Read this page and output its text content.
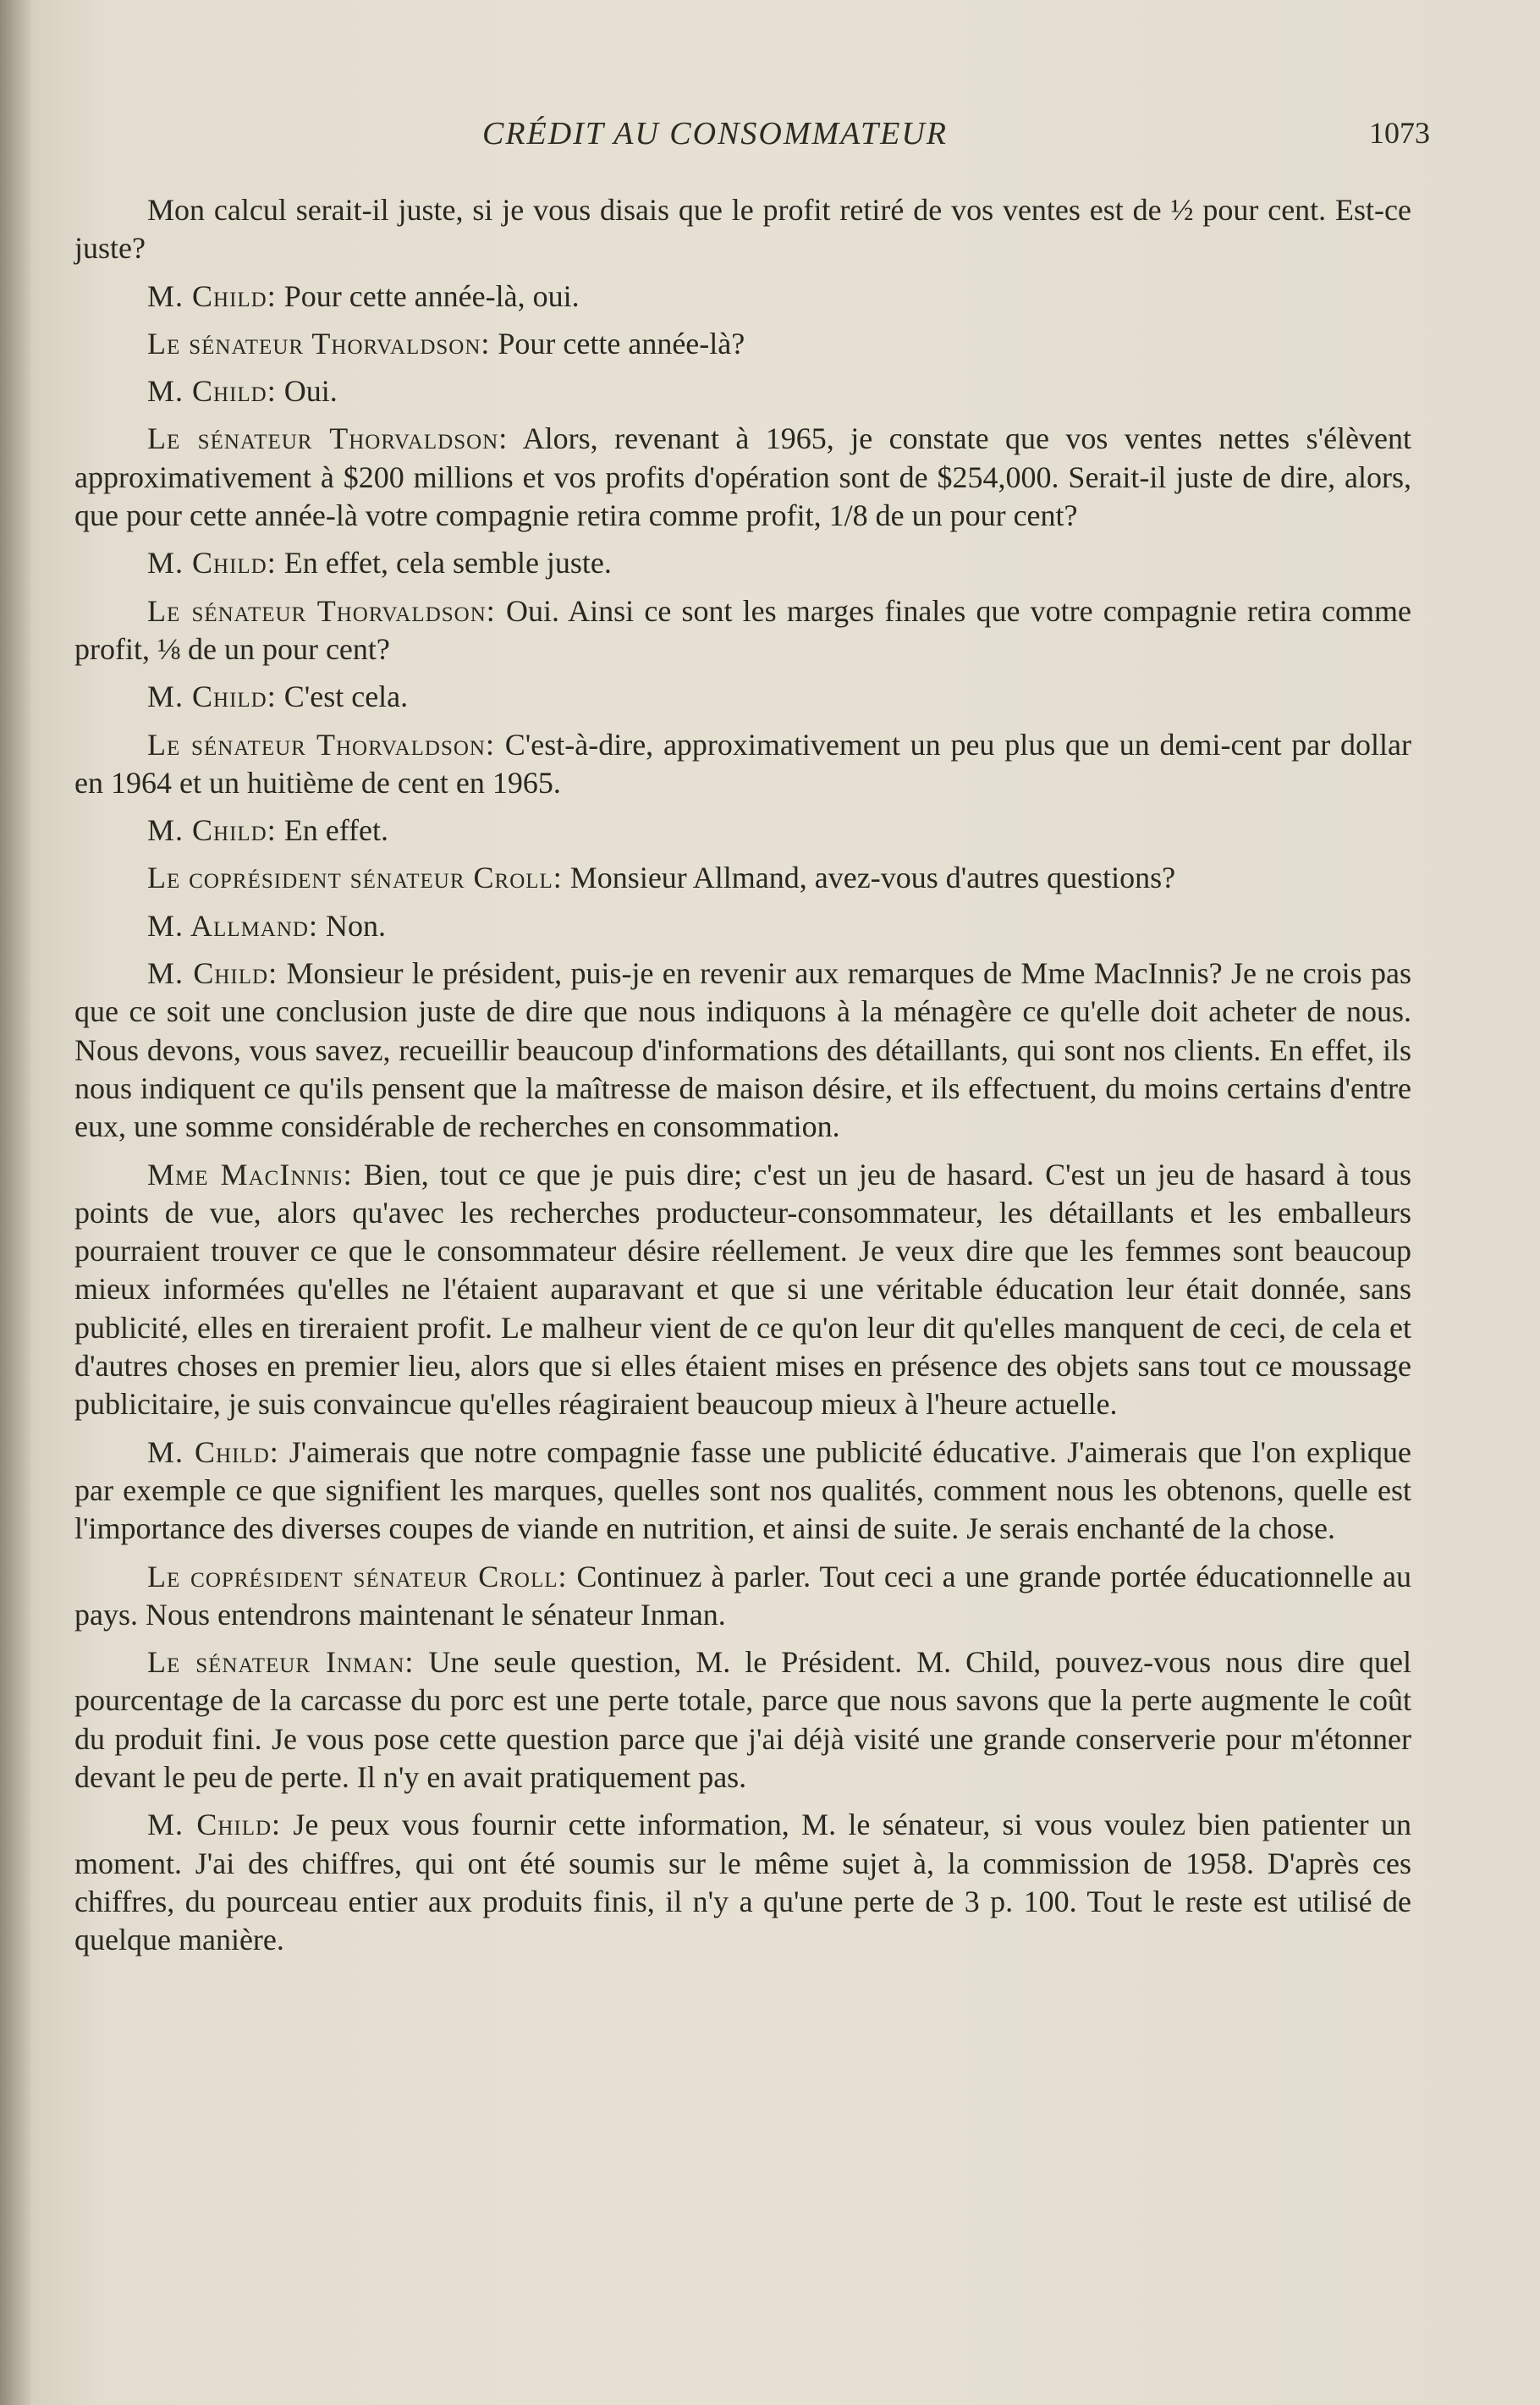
CRÉDIT AU CONSOMMATEUR	1073

Mon calcul serait-il juste, si je vous disais que le profit retiré de vos ventes est de ½ pour cent. Est-ce juste?

M. Child: Pour cette année-là, oui.

Le sénateur Thorvaldson: Pour cette année-là?

M. Child: Oui.

Le sénateur Thorvaldson: Alors, revenant à 1965, je constate que vos ventes nettes s'élèvent approximativement à $200 millions et vos profits d'opération sont de $254,000. Serait-il juste de dire, alors, que pour cette année-là votre compagnie retira comme profit, 1/8 de un pour cent?

M. Child: En effet, cela semble juste.

Le sénateur Thorvaldson: Oui. Ainsi ce sont les marges finales que votre compagnie retira comme profit, ⅛ de un pour cent?

M. Child: C'est cela.

Le sénateur Thorvaldson: C'est-à-dire, approximativement un peu plus que un demi-cent par dollar en 1964 et un huitième de cent en 1965.

M. Child: En effet.

Le coprésident sénateur Croll: Monsieur Allmand, avez-vous d'autres questions?

M. Allmand: Non.

M. Child: Monsieur le président, puis-je en revenir aux remarques de Mme MacInnis? Je ne crois pas que ce soit une conclusion juste de dire que nous indiquons à la ménagère ce qu'elle doit acheter de nous. Nous devons, vous savez, recueillir beaucoup d'informations des détaillants, qui sont nos clients. En effet, ils nous indiquent ce qu'ils pensent que la maîtresse de maison désire, et ils effectuent, du moins certains d'entre eux, une somme considérable de recherches en consommation.

Mme MacInnis: Bien, tout ce que je puis dire; c'est un jeu de hasard. C'est un jeu de hasard à tous points de vue, alors qu'avec les recherches producteur-consommateur, les détaillants et les emballeurs pourraient trouver ce que le consommateur désire réellement. Je veux dire que les femmes sont beaucoup mieux informées qu'elles ne l'étaient auparavant et que si une véritable éducation leur était donnée, sans publicité, elles en tireraient profit. Le malheur vient de ce qu'on leur dit qu'elles manquent de ceci, de cela et d'autres choses en premier lieu, alors que si elles étaient mises en présence des objets sans tout ce moussage publicitaire, je suis convaincue qu'elles réagiraient beaucoup mieux à l'heure actuelle.

M. Child: J'aimerais que notre compagnie fasse une publicité éducative. J'aimerais que l'on explique par exemple ce que signifient les marques, quelles sont nos qualités, comment nous les obtenons, quelle est l'importance des diverses coupes de viande en nutrition, et ainsi de suite. Je serais enchanté de la chose.

Le coprésident sénateur Croll: Continuez à parler. Tout ceci a une grande portée éducationnelle au pays. Nous entendrons maintenant le sénateur Inman.

Le sénateur Inman: Une seule question, M. le Président. M. Child, pouvez-vous nous dire quel pourcentage de la carcasse du porc est une perte totale, parce que nous savons que la perte augmente le coût du produit fini. Je vous pose cette question parce que j'ai déjà visité une grande conserverie pour m'étonner devant le peu de perte. Il n'y en avait pratiquement pas.

M. Child: Je peux vous fournir cette information, M. le sénateur, si vous voulez bien patienter un moment. J'ai des chiffres, qui ont été soumis sur le même sujet à, la commission de 1958. D'après ces chiffres, du pourceau entier aux produits finis, il n'y a qu'une perte de 3 p. 100. Tout le reste est utilisé de quelque manière.
